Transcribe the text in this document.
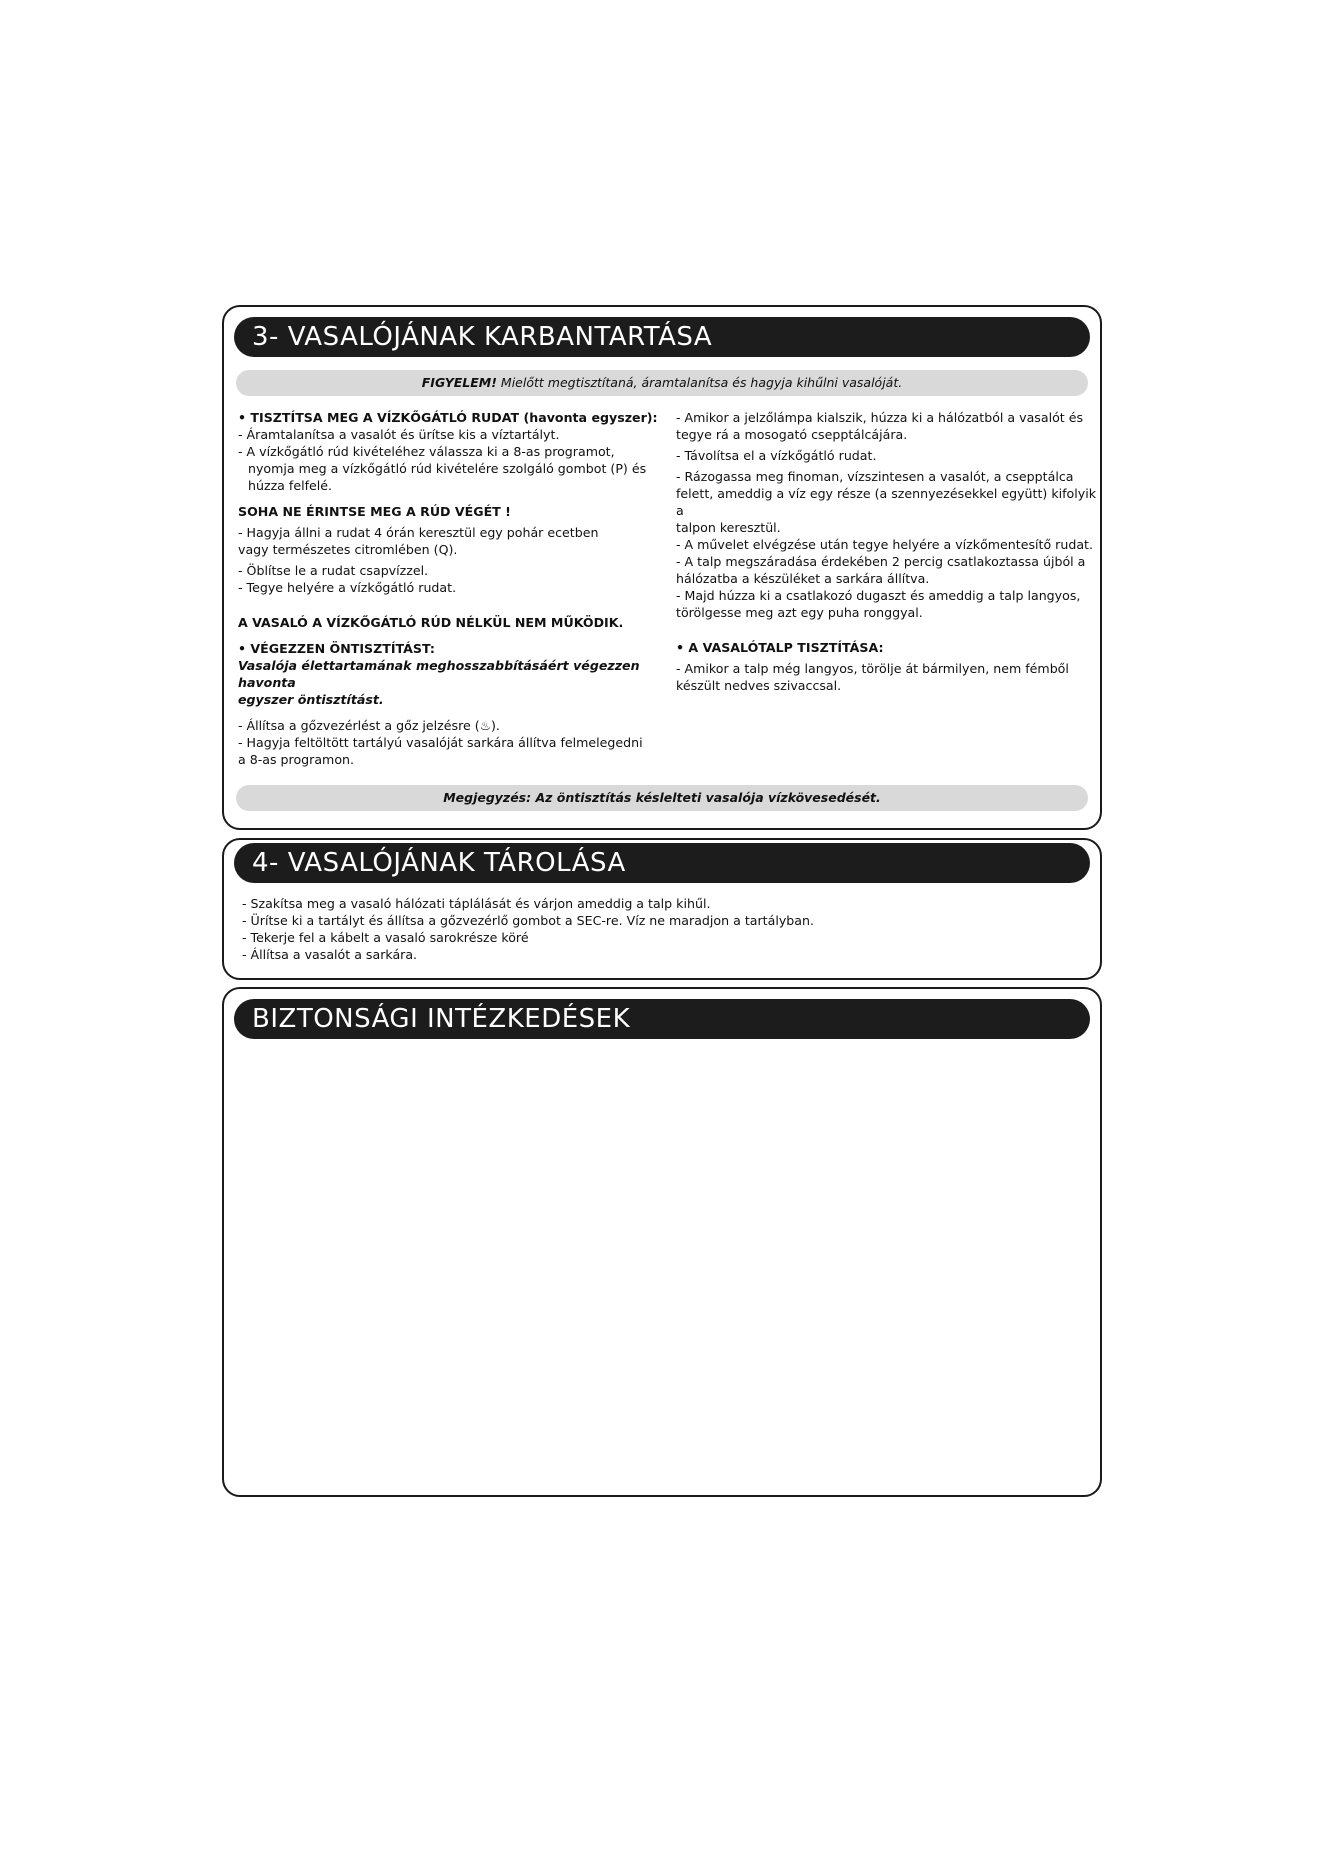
3- VASALÓJÁNAK KARBANTARTÁSA
FIGYELEM! Mielőtt megtisztítaná, áramtalanítsa és hagyja kihűlni vasalóját.

• TISZTÍTSA MEG A VÍZKŐGÁTLÓ RUDAT (havonta egyszer):

- Áramtalanítsa a vasalót és ürítse kis a víztartályt.

- A vízkőgátló rúd kivételéhez válassza ki a 8-as programot,

nyomja meg a vízkőgátló rúd kivételére szolgáló gombot (P) és

húzza felfelé.

SOHA NE ÉRINTSE MEG A RÚD VÉGÉT !

- Hagyja állni a rudat 4 órán keresztül egy pohár ecetben

vagy természetes citromlében (Q).

- Öblítse le a rudat csapvízzel.

- Tegye helyére a vízkőgátló rudat.

A VASALÓ A VÍZKŐGÁTLÓ RÚD NÉLKÜL NEM MŰKÖDIK.

• VÉGEZZEN ÖNTISZTÍTÁST:

Vasalója élettartamának meghosszabbításáért végezzen havonta

egyszer öntisztítást.

- Állítsa a gőzvezérlést a gőz jelzésre (♨).

- Hagyja feltöltött tartályú vasalóját sarkára állítva felmelegedni

a 8-as programon.

- Amikor a jelzőlámpa kialszik, húzza ki a hálózatból a vasalót és

tegye rá a mosogató csepptálcájára.

- Távolítsa el a vízkőgátló rudat.

- Rázogassa meg finoman, vízszintesen a vasalót, a csepptálca

felett, ameddig a víz egy része (a szennyezésekkel együtt) kifolyik a

talpon keresztül.

- A művelet elvégzése után tegye helyére a vízkőmentesítő rudat.

- A talp megszáradása érdekében 2 percig csatlakoztassa újból a

hálózatba a készüléket a sarkára állítva.

- Majd húzza ki a csatlakozó dugaszt és ameddig a talp langyos,

törölgesse meg azt egy puha ronggyal.

• A VASALÓTALP TISZTÍTÁSA:

- Amikor a talp még langyos, törölje át bármilyen, nem fémből

készült nedves szivaccsal.

Megjegyzés: Az öntisztítás késlelteti vasalója vízkövesedését.
4- VASALÓJÁNAK TÁROLÁSA

- Szakítsa meg a vasaló hálózati táplálását és várjon ameddig a talp kihűl.

- Ürítse ki a tartályt és állítsa a gőzvezérlő gombot a SEC-re. Víz ne maradjon a tartályban.

- Tekerje fel a kábelt a vasaló sarokrésze köré

- Állítsa a vasalót a sarkára.

BIZTONSÁGI INTÉZKEDÉSEK
